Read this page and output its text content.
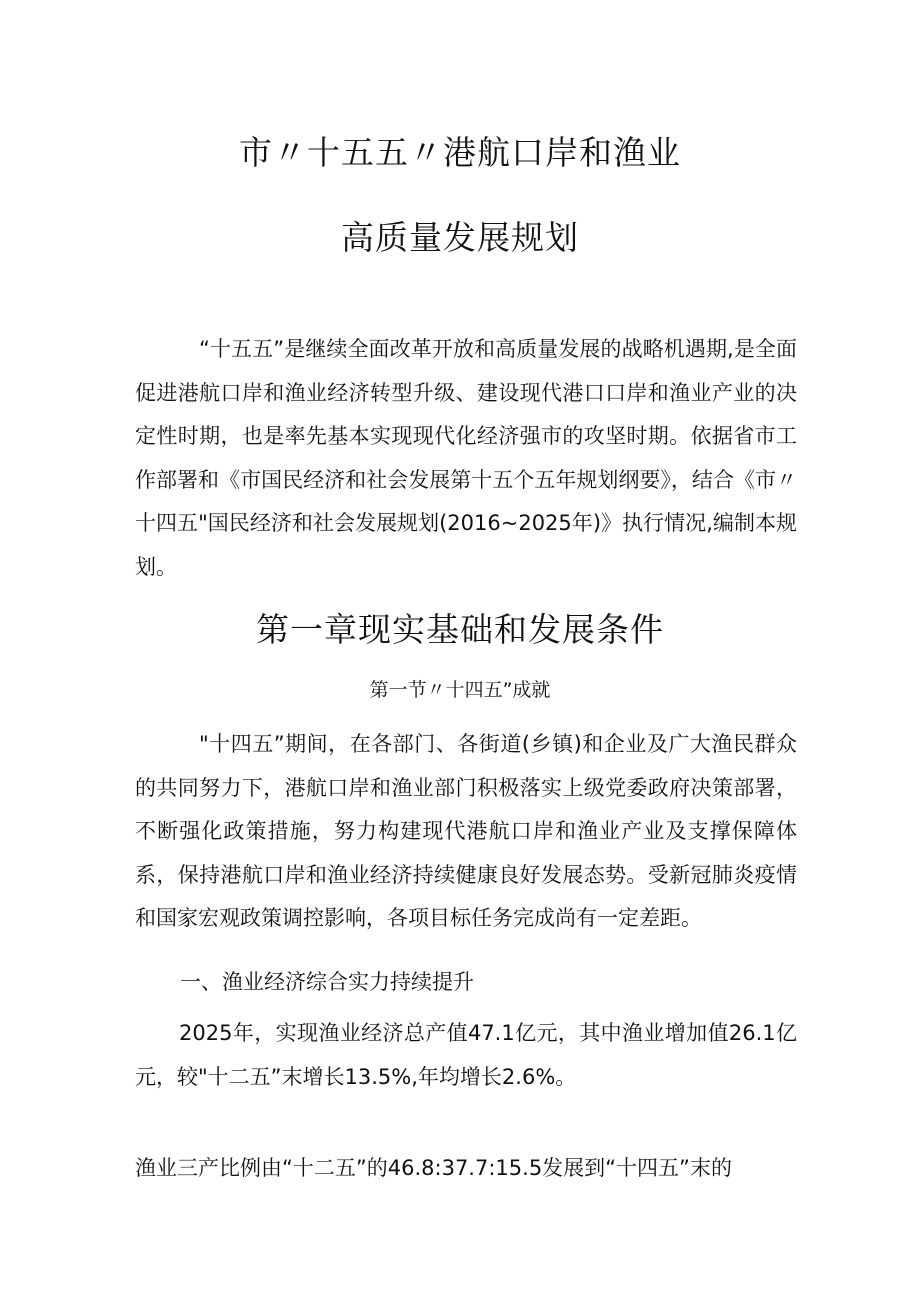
市〃十五五〃港航口岸和渔业
高质量发展规划

“十五五”是继续全面改革开放和高质量发展的战略机遇期,是全面促进港航口岸和渔业经济转型升级、建设现代港口口岸和渔业产业的决定性时期，也是率先基本实现现代化经济强市的攻坚时期。依据省市工作部署和《市国民经济和社会发展第十五个五年规划纲要》，结合《市〃十四五"国民经济和社会发展规划(2016~2025年)》执行情况,编制本规划。

第一章现实基础和发展条件
第一节〃十四五”成就

"十四五”期间，在各部门、各街道(乡镇)和企业及广大渔民群众的共同努力下，港航口岸和渔业部门积极落实上级党委政府决策部署，不断强化政策措施，努力构建现代港航口岸和渔业产业及支撑保障体系，保持港航口岸和渔业经济持续健康良好发展态势。受新冠肺炎疫情和国家宏观政策调控影响，各项目标任务完成尚有一定差距。

一、渔业经济综合实力持续提升

2025年，实现渔业经济总产值47.1亿元，其中渔业增加值26.1亿元，较"十二五”末增长13.5%,年均增长2.6%。

渔业三产比例由“十二五”的46.8:37.7:15.5发展到“十四五”末的
